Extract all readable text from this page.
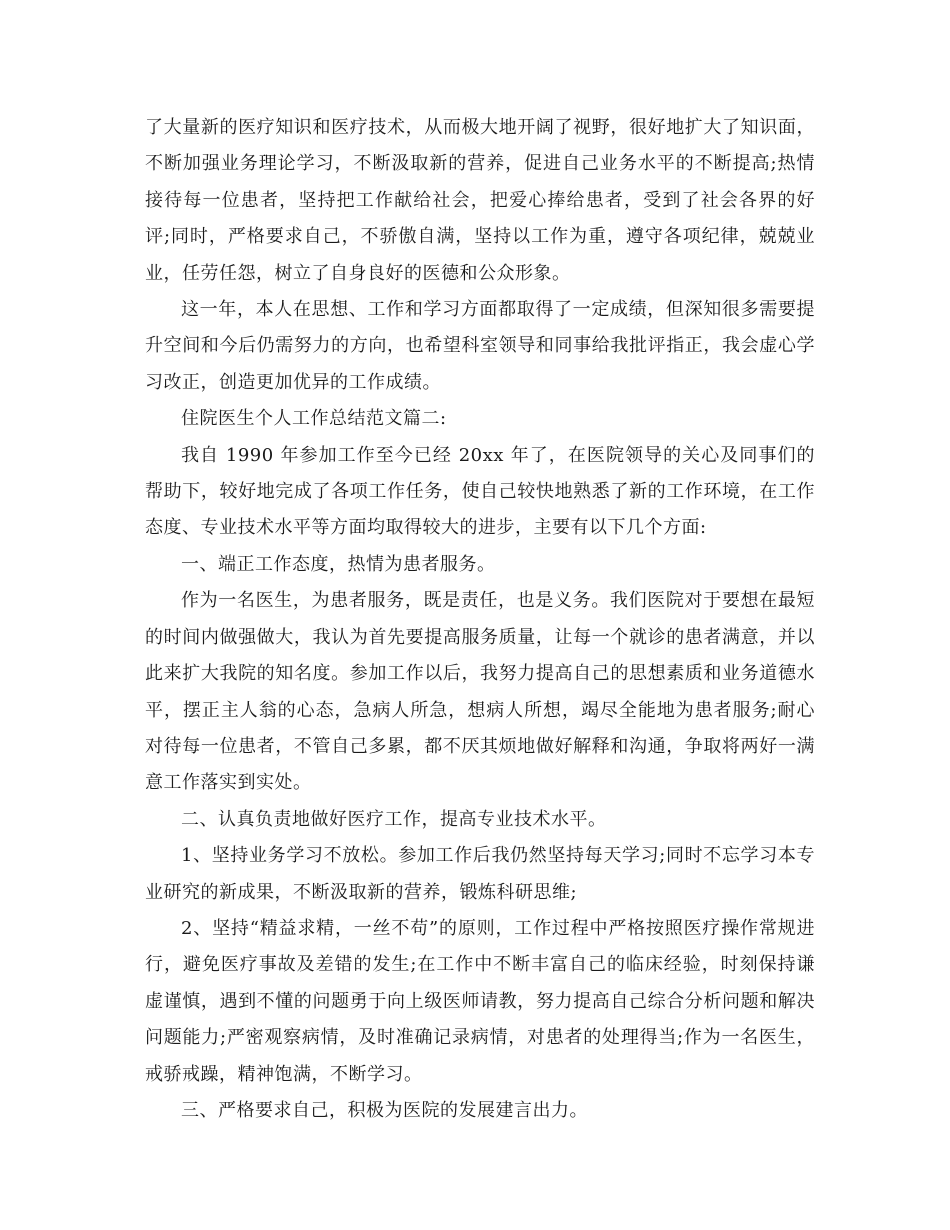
了大量新的医疗知识和医疗技术，从而极大地开阔了视野，很好地扩大了知识面，不断加强业务理论学习，不断汲取新的营养，促进自己业务水平的不断提高;热情接待每一位患者，坚持把工作献给社会，把爱心捧给患者，受到了社会各界的好评;同时，严格要求自己，不骄傲自满，坚持以工作为重，遵守各项纪律，兢兢业业，任劳任怨，树立了自身良好的医德和公众形象。

这一年，本人在思想、工作和学习方面都取得了一定成绩，但深知很多需要提升空间和今后仍需努力的方向，也希望科室领导和同事给我批评指正，我会虚心学习改正，创造更加优异的工作成绩。

住院医生个人工作总结范文篇二:

我自 1990 年参加工作至今已经 20xx 年了，在医院领导的关心及同事们的帮助下，较好地完成了各项工作任务，使自己较快地熟悉了新的工作环境，在工作态度、专业技术水平等方面均取得较大的进步，主要有以下几个方面:

一、端正工作态度，热情为患者服务。

作为一名医生，为患者服务，既是责任，也是义务。我们医院对于要想在最短的时间内做强做大，我认为首先要提高服务质量，让每一个就诊的患者满意，并以此来扩大我院的知名度。参加工作以后，我努力提高自己的思想素质和业务道德水平，摆正主人翁的心态，急病人所急，想病人所想，竭尽全能地为患者服务;耐心对待每一位患者，不管自己多累，都不厌其烦地做好解释和沟通，争取将两好一满意工作落实到实处。

二、认真负责地做好医疗工作，提高专业技术水平。

1、坚持业务学习不放松。参加工作后我仍然坚持每天学习;同时不忘学习本专业研究的新成果，不断汲取新的营养，锻炼科研思维;

2、坚持“精益求精，一丝不苟”的原则，工作过程中严格按照医疗操作常规进行，避免医疗事故及差错的发生;在工作中不断丰富自己的临床经验，时刻保持谦虚谨慎，遇到不懂的问题勇于向上级医师请教，努力提高自己综合分析问题和解决问题能力;严密观察病情，及时准确记录病情，对患者的处理得当;作为一名医生，戒骄戒躁，精神饱满，不断学习。

三、严格要求自己，积极为医院的发展建言出力。
